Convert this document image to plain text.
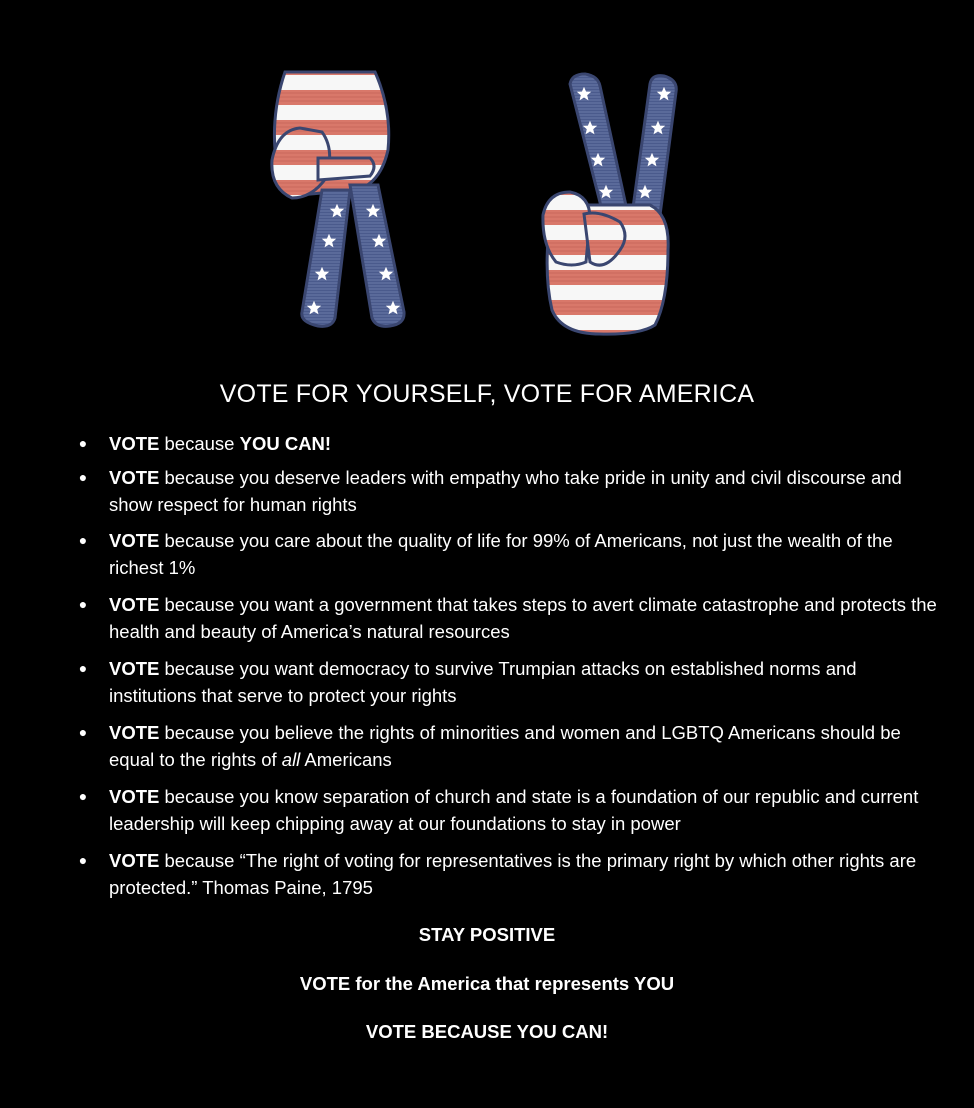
VOTE FOR YOURSELF, VOTE FOR AMERICA
● VOTE because YOU CAN!
● VOTE because you deserve leaders with empathy who take pride in unity and civil discourse and show respect for human rights
● VOTE because you care about the quality of life for 99% of Americans, not just the wealth of the richest 1%
● VOTE because you want a government that takes steps to avert climate catastrophe and protects the health and beauty of America’s natural resources
● VOTE because you want democracy to survive Trumpian attacks on established norms and institutions that serve to protect your rights
● VOTE because you believe the rights of minorities and women and LGBTQ Americans should be equal to the rights of all Americans
● VOTE because you know separation of church and state is a foundation of our republic and current leadership will keep chipping away at our foundations to stay in power
● VOTE because “The right of voting for representatives is the primary right by which other rights are protected.” Thomas Paine, 1795
STAY POSITIVE
VOTE for the America that represents YOU
VOTE BECAUSE YOU CAN!
